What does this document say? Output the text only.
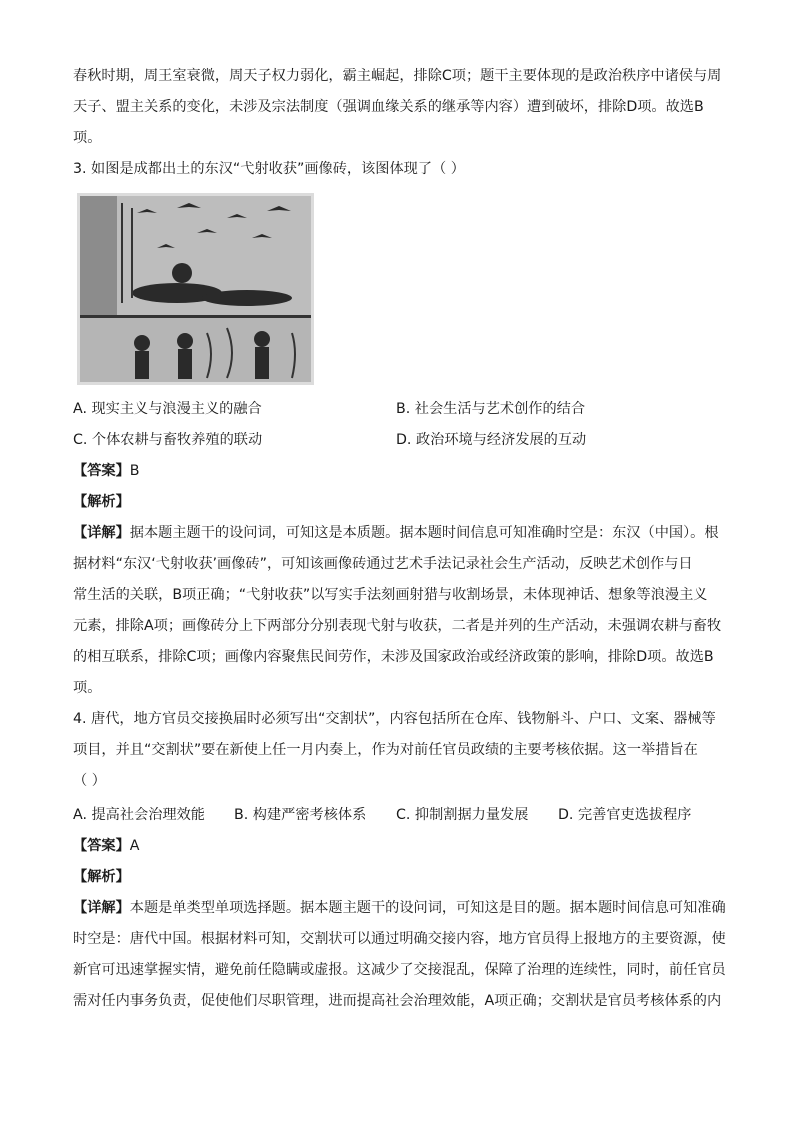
春秋时期，周王室衰微，周天子权力弱化，霸主崛起，排除C项；题干主要体现的是政治秩序中诸侯与周
天子、盟主关系的变化，未涉及宗法制度（强调血缘关系的继承等内容）遭到破坏，排除D项。故选B
项。
3. 如图是成都出土的东汉“弋射收获”画像砖，该图体现了（ ）
A. 现实主义与浪漫主义的融合	B. 社会生活与艺术创作的结合
C. 个体农耕与畜牧养殖的联动	D. 政治环境与经济发展的互动
【答案】B
【解析】
【详解】据本题主题干的设问词，可知这是本质题。据本题时间信息可知准确时空是：东汉（中国）。根
据材料“东汉‘弋射收获’画像砖”，可知该画像砖通过艺术手法记录社会生产活动，反映艺术创作与日
常生活的关联，B项正确；“弋射收获”以写实手法刻画射猎与收割场景，未体现神话、想象等浪漫主义
元素，排除A项；画像砖分上下两部分分别表现弋射与收获，二者是并列的生产活动，未强调农耕与畜牧
的相互联系，排除C项；画像内容聚焦民间劳作，未涉及国家政治或经济政策的影响，排除D项。故选B
项。
4. 唐代，地方官员交接换届时必须写出“交割状”，内容包括所在仓库、钱物斛斗、户口、文案、器械等
项目，并且“交割状”要在新使上任一月内奏上，作为对前任官员政绩的主要考核依据。这一举措旨在
（ ）
A. 提高社会治理效能 B. 构建严密考核体系 C. 抑制割据力量发展 D. 完善官吏选拔程序
【答案】A
【解析】
【详解】本题是单类型单项选择题。据本题主题干的设问词，可知这是目的题。据本题时间信息可知准确
时空是：唐代中国。根据材料可知，交割状可以通过明确交接内容，地方官员得上报地方的主要资源，使
新官可迅速掌握实情，避免前任隐瞒或虚报。这减少了交接混乱，保障了治理的连续性，同时，前任官员
需对任内事务负责，促使他们尽职管理，进而提高社会治理效能，A项正确；交割状是官员考核体系的内
